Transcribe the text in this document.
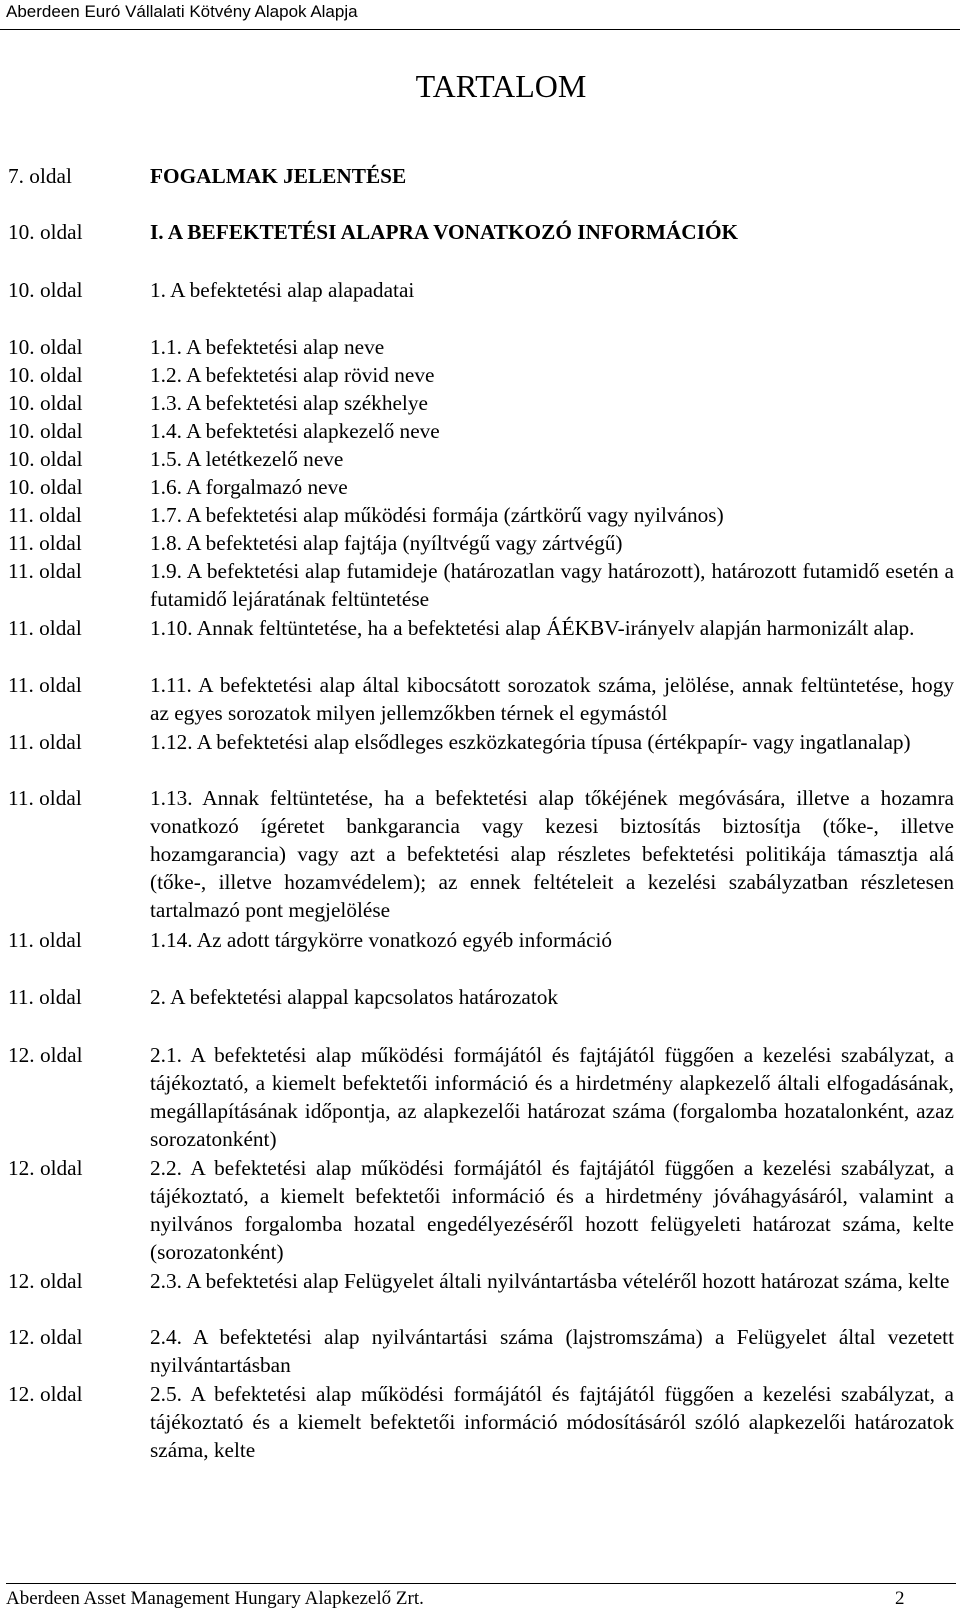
Aberdeen Euró Vállalati Kötvény Alapok Alapja
TARTALOM
7. oldal	FOGALMAK JELENTÉSE
10. oldal	I. A BEFEKTETÉSI ALAPRA VONATKOZÓ INFORMÁCIÓK
10. oldal	1. A befektetési alap alapadatai
10. oldal	1.1. A befektetési alap neve
10. oldal	1.2. A befektetési alap rövid neve
10. oldal	1.3. A befektetési alap székhelye
10. oldal	1.4. A befektetési alapkezelő neve
10. oldal	1.5. A letétkezelő neve
10. oldal	1.6. A forgalmazó neve
11. oldal	1.7. A befektetési alap működési formája (zártkörű vagy nyilvános)
11. oldal	1.8. A befektetési alap fajtája (nyíltvégű vagy zártvégű)
11. oldal	1.9. A befektetési alap futamideje (határozatlan vagy határozott), határozott futamidő esetén a futamidő lejáratának feltüntetése
11. oldal	1.10. Annak feltüntetése, ha a befektetési alap ÁÉKBV-irányelv alapján harmonizált alap.
11. oldal	1.11. A befektetési alap által kibocsátott sorozatok száma, jelölése, annak feltüntetése, hogy az egyes sorozatok milyen jellemzőkben térnek el egymástól
11. oldal	1.12. A befektetési alap elsődleges eszközkategória típusa (értékpapír- vagy ingatlanalap)
11. oldal	1.13. Annak feltüntetése, ha a befektetési alap tőkéjének megóvására, illetve a hozamra vonatkozó ígéretet bankgarancia vagy kezesi biztosítás biztosítja (tőke-, illetve hozamgarancia) vagy azt a befektetési alap részletes befektetési politikája támasztja alá (tőke-, illetve hozamvédelem); az ennek feltételeit a kezelési szabályzatban részletesen tartalmazó pont megjelölése
11. oldal	1.14. Az adott tárgykörre vonatkozó egyéb információ
11. oldal	2. A befektetési alappal kapcsolatos határozatok
12. oldal	2.1. A befektetési alap működési formájától és fajtájától függően a kezelési szabályzat, a tájékoztató, a kiemelt befektetői információ és a hirdetmény alapkezelő általi elfogadásának, megállapításának időpontja, az alapkezelői határozat száma (forgalomba hozatalonként, azaz sorozatonként)
12. oldal	2.2. A befektetési alap működési formájától és fajtájától függően a kezelési szabályzat, a tájékoztató, a kiemelt befektetői információ és a hirdetmény jóváhagyásáról, valamint a nyilvános forgalomba hozatal engedélyezéséről hozott felügyeleti határozat száma, kelte (sorozatonként)
12. oldal	2.3. A befektetési alap Felügyelet általi nyilvántartásba vételéről hozott határozat száma, kelte
12. oldal	2.4. A befektetési alap nyilvántartási száma (lajstromszáma) a Felügyelet által vezetett nyilvántartásban
12. oldal	2.5. A befektetési alap működési formájától és fajtájától függően a kezelési szabályzat, a tájékoztató és a kiemelt befektetői információ módosításáról szóló alapkezelői határozatok száma, kelte
Aberdeen Asset Management Hungary Alapkezelő Zrt.	2
